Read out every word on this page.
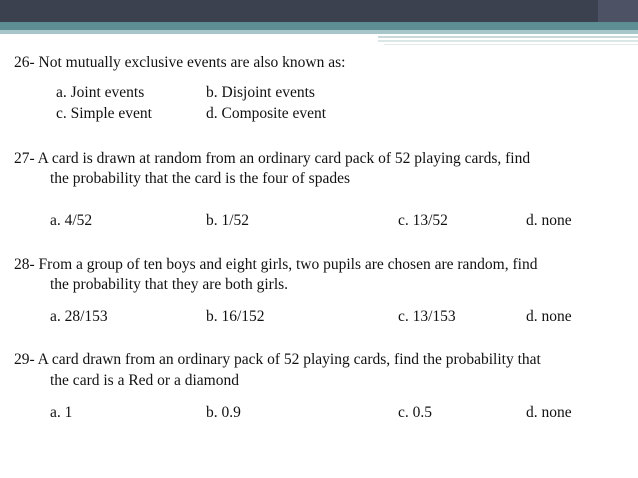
26- Not mutually exclusive events are also known as:
a. Joint events	b. Disjoint events
c. Simple event	d. Composite event
27- A card is drawn at random from an ordinary card pack of 52 playing cards, find
the probability that the card is the four of spades
a. 4/52	b. 1/52	c. 13/52	d. none
28- From a group of ten boys and eight girls, two pupils are chosen are random, find
the probability that they are both girls.
a. 28/153	b. 16/152	c. 13/153	d. none
29- A card drawn from an ordinary pack of 52 playing cards, find the probability that
the card is a Red or a diamond
a. 1	b. 0.9	c. 0.5	d. none
